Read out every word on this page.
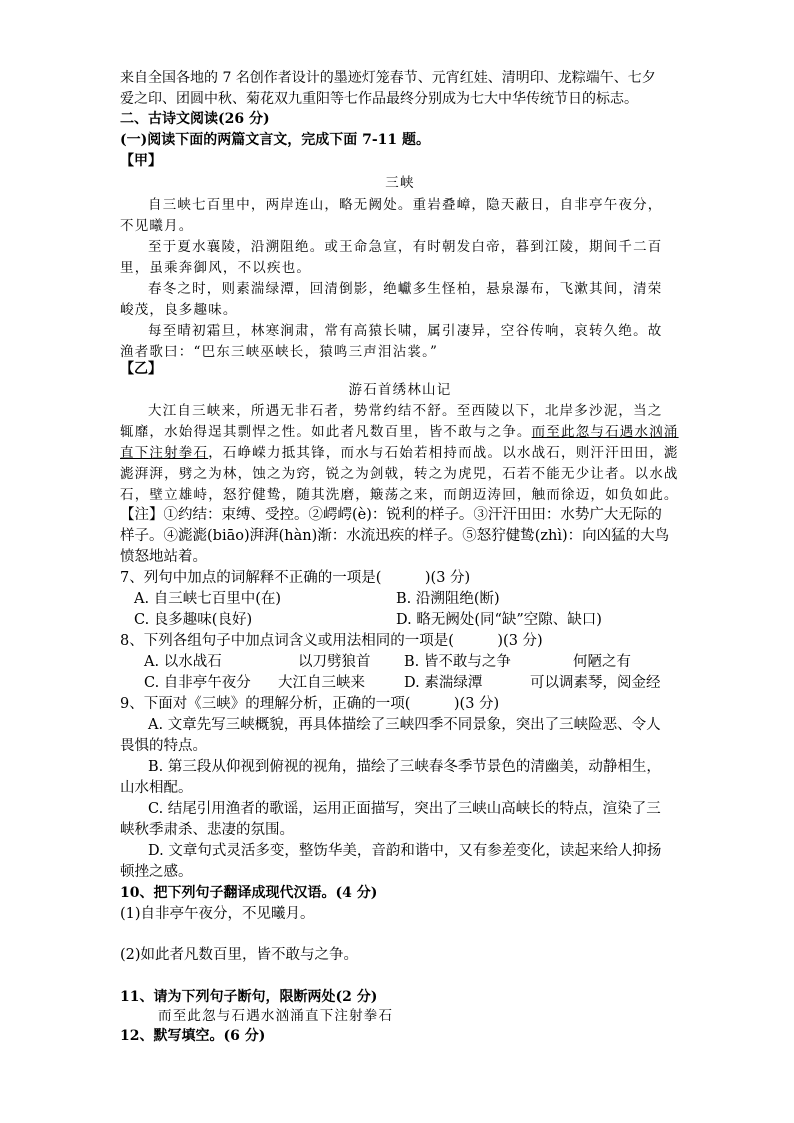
来自全国各地的 7 名创作者设计的墨迹灯笼春节、元宵红娃、清明印、龙粽端午、七夕
爱之印、团圆中秋、菊花双九重阳等七作品最终分别成为七大中华传统节日的标志。
二、古诗文阅读(26 分)
(一)阅读下面的两篇文言文，完成下面 7-11 题。
【甲】
三峡
自三峡七百里中，两岸连山，略无阙处。重岩叠嶂，隐天蔽日，自非亭午夜分，
不见曦月。
至于夏水襄陵，沿溯阻绝。或王命急宣，有时朝发白帝，暮到江陵，期间千二百
里，虽乘奔御风，不以疾也。
春冬之时，则素湍绿潭，回清倒影，绝巘多生怪柏，悬泉瀑布，飞漱其间，清荣
峻茂，良多趣味。
每至晴初霜旦，林寒涧肃，常有高猿长啸，属引凄异，空谷传响，哀转久绝。故
渔者歌曰：“巴东三峡巫峡长，猿鸣三声泪沾裳。”
【乙】
游石首绣林山记
大江自三峡来，所遇无非石者，势常约结不舒。至西陵以下，北岸多沙泥，当之
辄靡，水始得逞其剽悍之性。如此者凡数百里，皆不敢与之争。而至此忽与石遇水汹涌
直下注射拳石，石峥嵘力抵其锋，而水与石始若相持而战。以水战石，则汗汗田田，滮
滮湃湃，劈之为林，蚀之为窍，锐之为剑戟，转之为虎兕，石若不能无少让者。以水战
石，壁立雄峙，怒狞健鸷，随其洗磨，簸荡之来，而朗迈涛回，触而徐迈，如负如此。
【注】①约结：束缚、受控。②崿崿(è)：锐利的样子。③汗汗田田：水势广大无际的
样子。④滮滮(biāo)湃湃(hàn)渐：水流迅疾的样子。⑤怒狞健鸷(zhì)：向凶猛的大鸟
愤怒地站着。
7、列句中加点的词解释不正确的一项是(　　　)(3 分)
A. 自三峡七百里中(在)	B. 沿溯阻绝(断)
C. 良多趣味(良好)	D. 略无阙处(同“缺”空隙、缺口)
8、下列各组句子中加点词含义或用法相同的一项是(　　　)(3 分)
A. 以水战石	以刀劈狼首 B. 皆不敢与之争	何陋之有
C. 自非亭午夜分 大江自三峡来	D. 素湍绿潭	可以调素琴，阅金经
9、下面对《三峡》的理解分析，正确的一项(　　　)(3 分)
A. 文章先写三峡概貌，再具体描绘了三峡四季不同景象，突出了三峡险恶、令人
畏惧的特点。
B. 第三段从仰视到俯视的视角，描绘了三峡春冬季节景色的清幽美，动静相生，
山水相配。
C. 结尾引用渔者的歌谣，运用正面描写，突出了三峡山高峡长的特点，渲染了三
峡秋季肃杀、悲凄的氛围。
D. 文章句式灵活多变，整饬华美，音韵和谐中，又有参差变化，读起来给人抑扬
顿挫之感。
10、把下列句子翻译成现代汉语。(4 分)
(1)自非亭午夜分，不见曦月。
(2)如此者凡数百里，皆不敢与之争。
11、请为下列句子断句，限断两处(2 分)
而至此忽与石遇水汹涌直下注射拳石
12、默写填空。(6 分)
